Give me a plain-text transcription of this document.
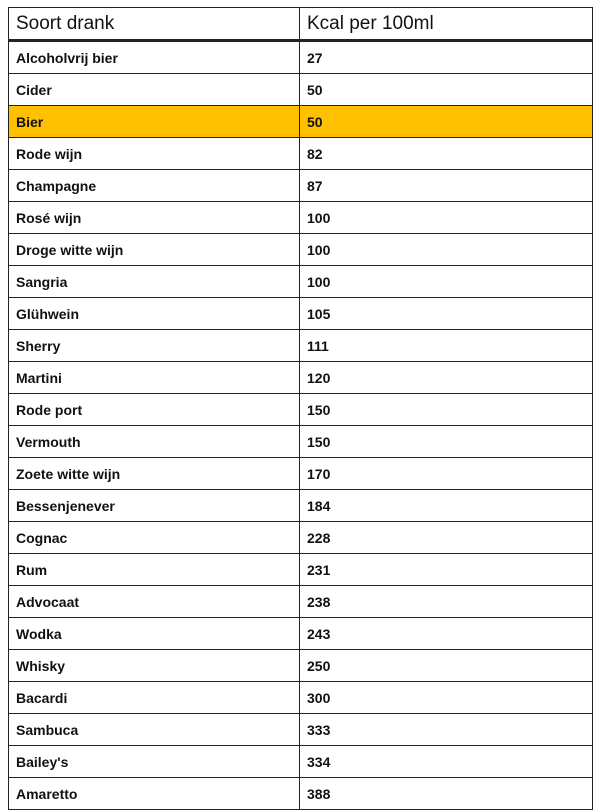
Soort drank	Kcal per 100ml
Alcoholvrij bier	27
Cider	50
Bier	50
Rode wijn	82
Champagne	87
Rosé wijn	100
Droge witte wijn	100
Sangria	100
Glühwein	105
Sherry	111
Martini	120
Rode port	150
Vermouth	150
Zoete witte wijn	170
Bessenjenever	184
Cognac	228
Rum	231
Advocaat	238
Wodka	243
Whisky	250
Bacardi	300
Sambuca	333
Bailey's	334
Amaretto	388
